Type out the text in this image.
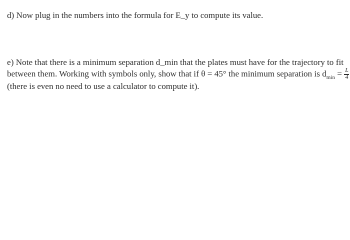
d) Now plug in the numbers into the formula for E_y to compute its value.
e) Note that there is a minimum separation d_min that the plates must have for the trajectory to fit
between them. Working with symbols only, show that if θ = 45° the minimum separation is $d_{min} = \frac{L}{4}$
(there is even no need to use a calculator to compute it).
